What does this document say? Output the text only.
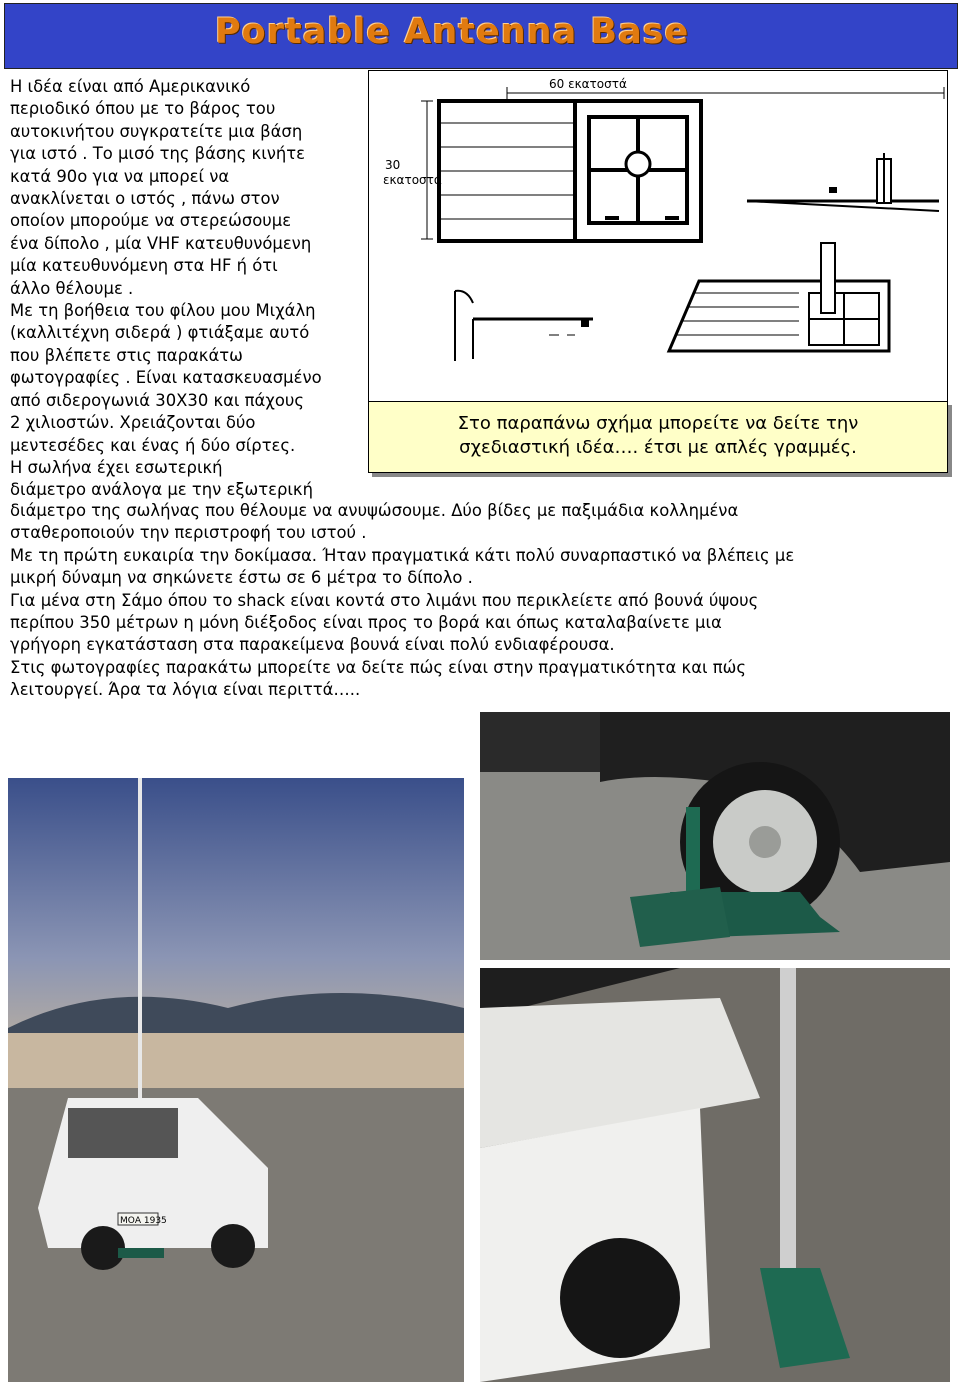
Portable Antenna Base

Η ιδέα είναι από Αμερικανικό

περιοδικό όπου με το βάρος του

αυτοκινήτου συγκρατείτε μια βάση

για ιστό . Το μισό της βάσης κινήτε

κατά 90ο για να μπορεί να

ανακλίνεται ο ιστός , πάνω στον

οποίον μπορούμε να στερεώσουμε

ένα δίπολο , μία VHF κατευθυνόμενη

μία κατευθυνόμενη στα HF ή ότι

άλλο θέλουμε .

Με τη βοήθεια του φίλου μου Μιχάλη

(καλλιτέχνη σιδερά ) φτιάξαμε αυτό

που βλέπετε στις παρακάτω

φωτογραφίες . Είναι κατασκευασμένο

από σιδερογωνιά 30Χ30 και πάχους

2 χιλιοστών. Χρειάζονται δύο

μεντεσέδες και ένας ή δύο σίρτες.

Η σωλήνα έχει εσωτερική

διάμετρο ανάλογα με την εξωτερική

60 εκατοστά
30
εκατοστά

Στο παραπάνω σχήμα μπορείτε να δείτε την

σχεδιαστική ιδέα…. έτσι με απλές γραμμές.

διάμετρο της σωλήνας που θέλουμε να ανυψώσουμε. Δύο βίδες με παξιμάδια κολλημένα

σταθεροποιούν την περιστροφή του ιστού .

Με τη πρώτη ευκαιρία την δοκίμασα. Ήταν πραγματικά κάτι πολύ συναρπαστικό να βλέπεις με

μικρή δύναμη να σηκώνετε έστω σε 6 μέτρα το δίπολο .

Για μένα στη Σάμο όπου το shack είναι κοντά στο λιμάνι που περικλείετε από βουνά ύψους

περίπου 350 μέτρων η μόνη διέξοδος είναι προς το βορά και όπως καταλαβαίνετε μια

γρήγορη εγκατάσταση στα παρακείμενα βουνά είναι πολύ ενδιαφέρουσα.

Στις φωτογραφίες παρακάτω μπορείτε να δείτε πώς είναι στην πραγματικότητα και πώς

λειτουργεί. Άρα τα λόγια είναι περιττά…..

ΜΟΑ 1935
